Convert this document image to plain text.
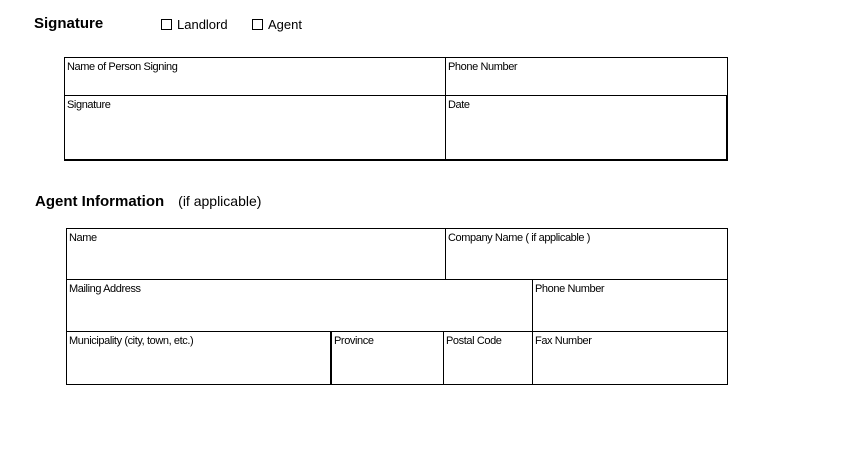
Signature	Landlord	Agent
Name of Person Signing	Phone Number
Signature	Date
Agent Information (if applicable)
Name	Company Name ( if applicable )
Mailing Address	Phone Number
Municipality (city, town, etc.)	Province	Postal Code	Fax Number
